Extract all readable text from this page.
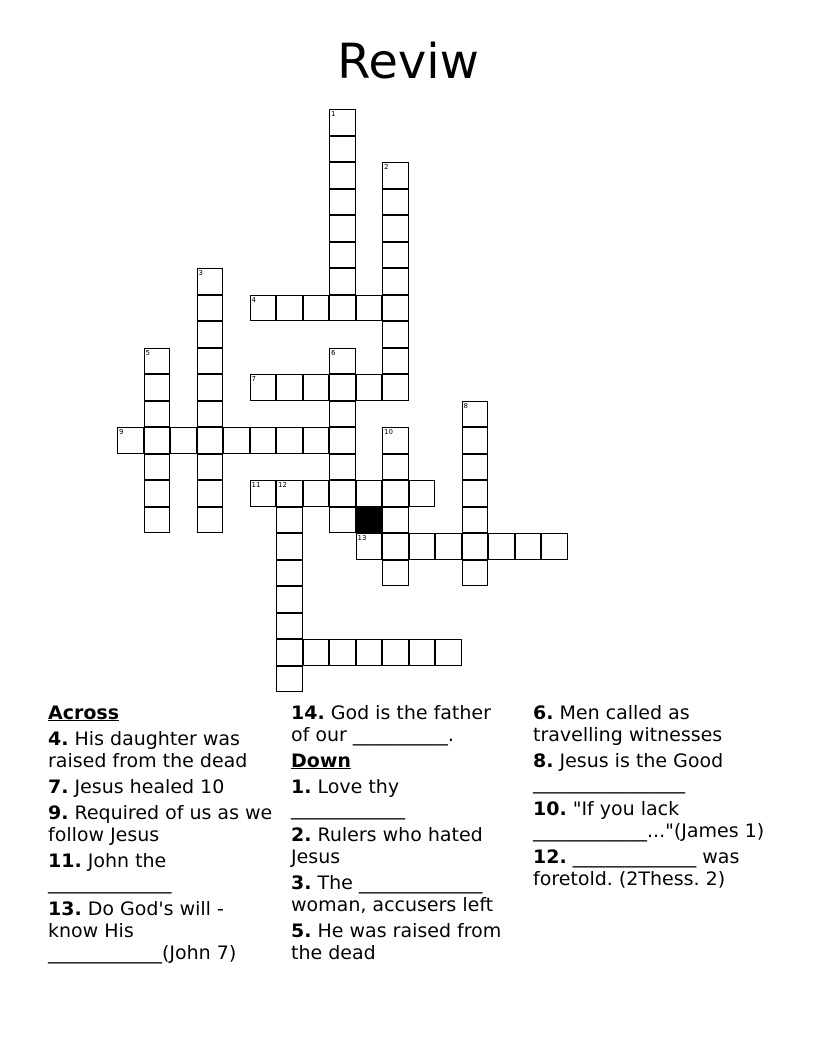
Reviw
1
2
3
4
5	6
7
8
9	10
11	12
13
Across
4. His daughter was raised from the dead
7. Jesus healed 10
9. Required of us as we follow Jesus
11. John the _____________
13. Do God's will - know His ____________(John 7)
14. God is the father of our __________.
Down
1. Love thy ____________
2. Rulers who hated Jesus
3. The _____________ woman, accusers left
5. He was raised from the dead
6. Men called as travelling witnesses
8. Jesus is the Good ________________
10. "If you lack ____________..."(James 1)
12. _____________ was foretold. (2Thess. 2)
